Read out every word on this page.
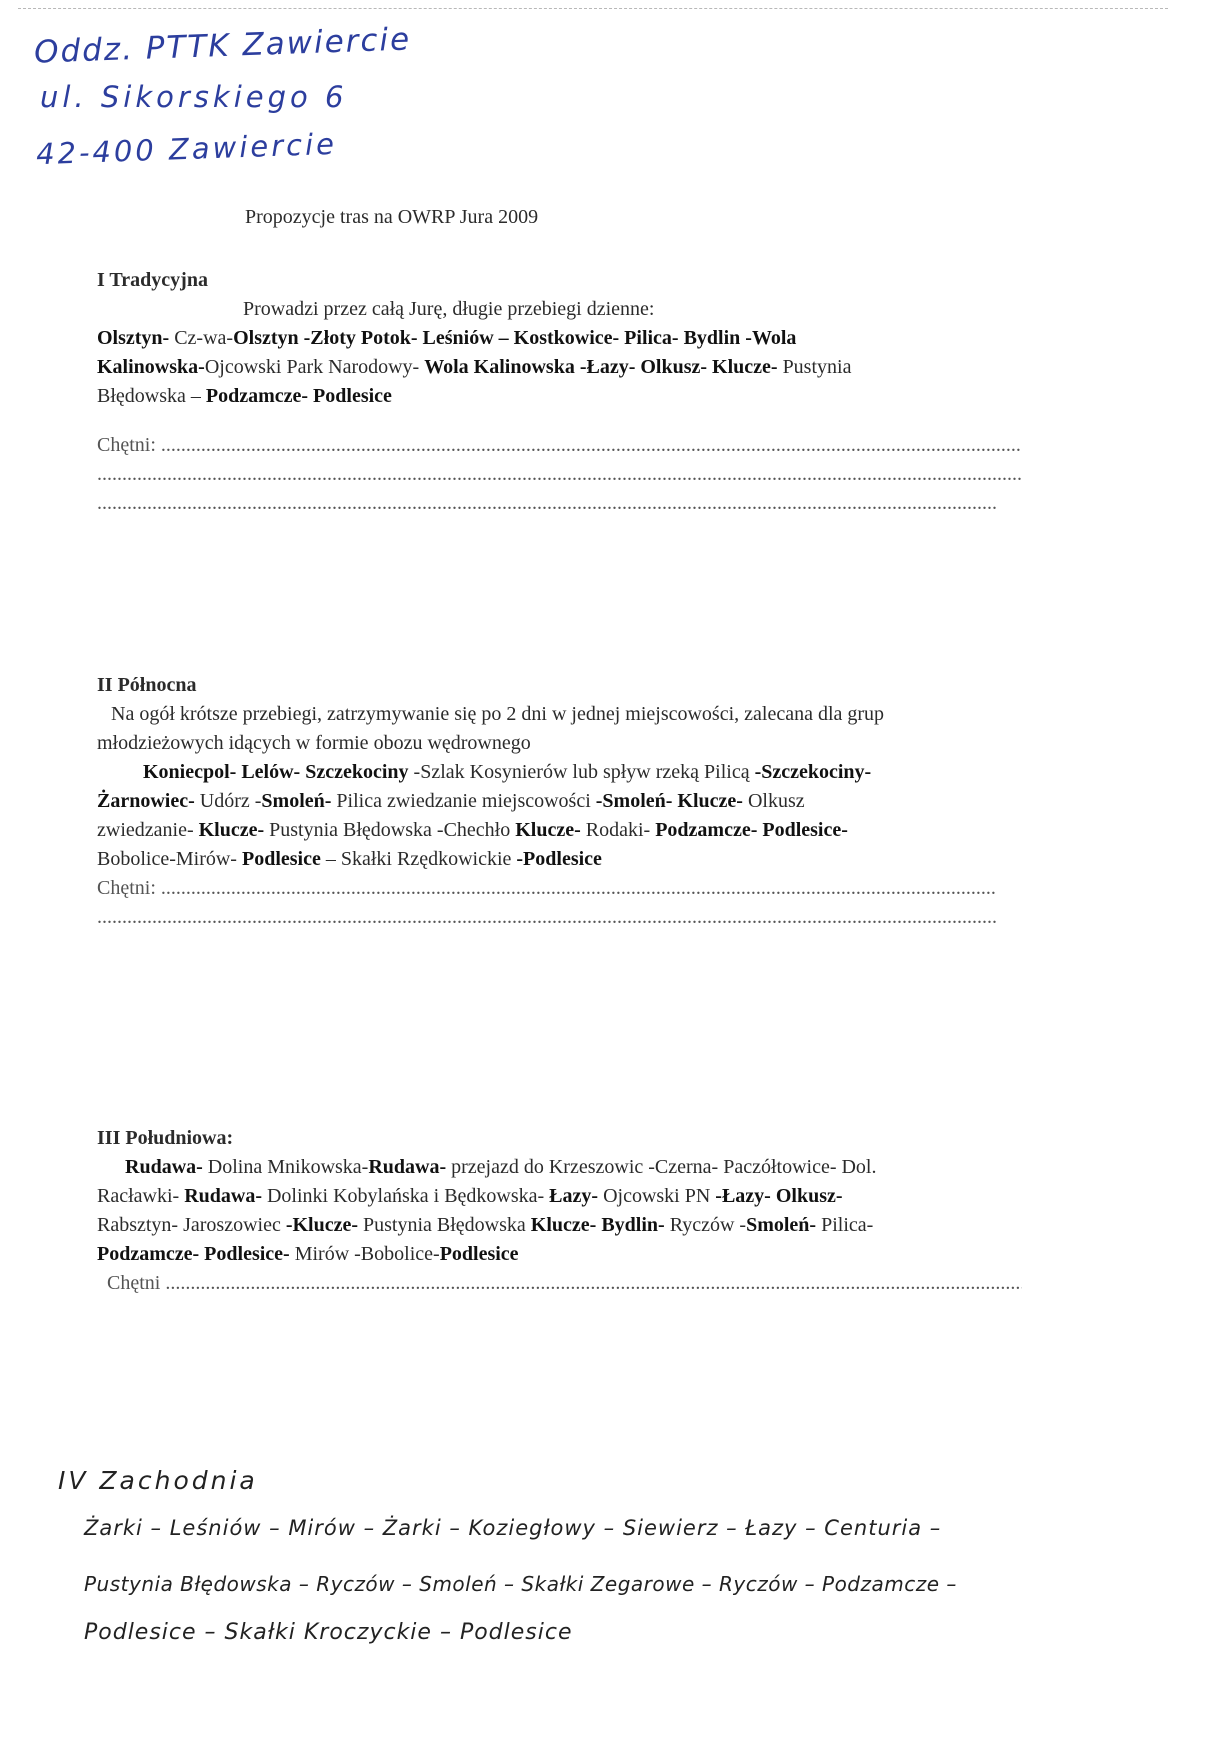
Oddz. PTTK Zawiercie
ul. Sikorskiego 6
42-400 Zawiercie
Propozycje tras na OWRP Jura 2009
I Tradycyjna
Prowadzi przez całą Jurę, długie przebiegi dzienne:
Olsztyn- Cz-wa-Olsztyn -Złoty Potok- Leśniów – Kostkowice- Pilica- Bydlin -Wola
Kalinowska-Ojcowski Park Narodowy- Wola Kalinowska -Łazy- Olkusz- Klucze- Pustynia
Błędowska – Podzamcze- Podlesice
Chętni: .....
.....
.....
II Północna
Na ogół krótsze przebiegi, zatrzymywanie się po 2 dni w jednej miejscowości, zalecana dla grup
młodzieżowych idących w formie obozu wędrownego
Koniecpol- Lelów- Szczekociny -Szlak Kosynierów lub spływ rzeką Pilicą -Szczekociny-
Żarnowiec- Udórz -Smoleń- Pilica zwiedzanie miejscowości -Smoleń- Klucze- Olkusz
zwiedzanie- Klucze- Pustynia Błędowska -Chechło Klucze- Rodaki- Podzamcze- Podlesice-
Bobolice-Mirów- Podlesice – Skałki Rzędkowickie -Podlesice
Chętni: .....
.....
III Południowa:
Rudawa- Dolina Mnikowska-Rudawa- przejazd do Krzeszowic -Czerna- Paczółtowice- Dol.
Racławki- Rudawa- Dolinki Kobylańska i Będkowska- Łazy- Ojcowski PN -Łazy- Olkusz-
Rabsztyn- Jaroszowiec -Klucze- Pustynia Błędowska Klucze- Bydlin- Ryczów -Smoleń- Pilica-
Podzamcze- Podlesice- Mirów -Bobolice-Podlesice
Chętni .....
IV Zachodnia
Żarki – Leśniów – Mirów – Żarki – Koziegłowy – Siewierz – Łazy – Centuria –
Pustynia Błędowska – Ryczów – Smoleń – Skałki Zegarowe – Ryczów – Podzamcze –
Podlesice – Skałki Kroczyckie – Podlesice
